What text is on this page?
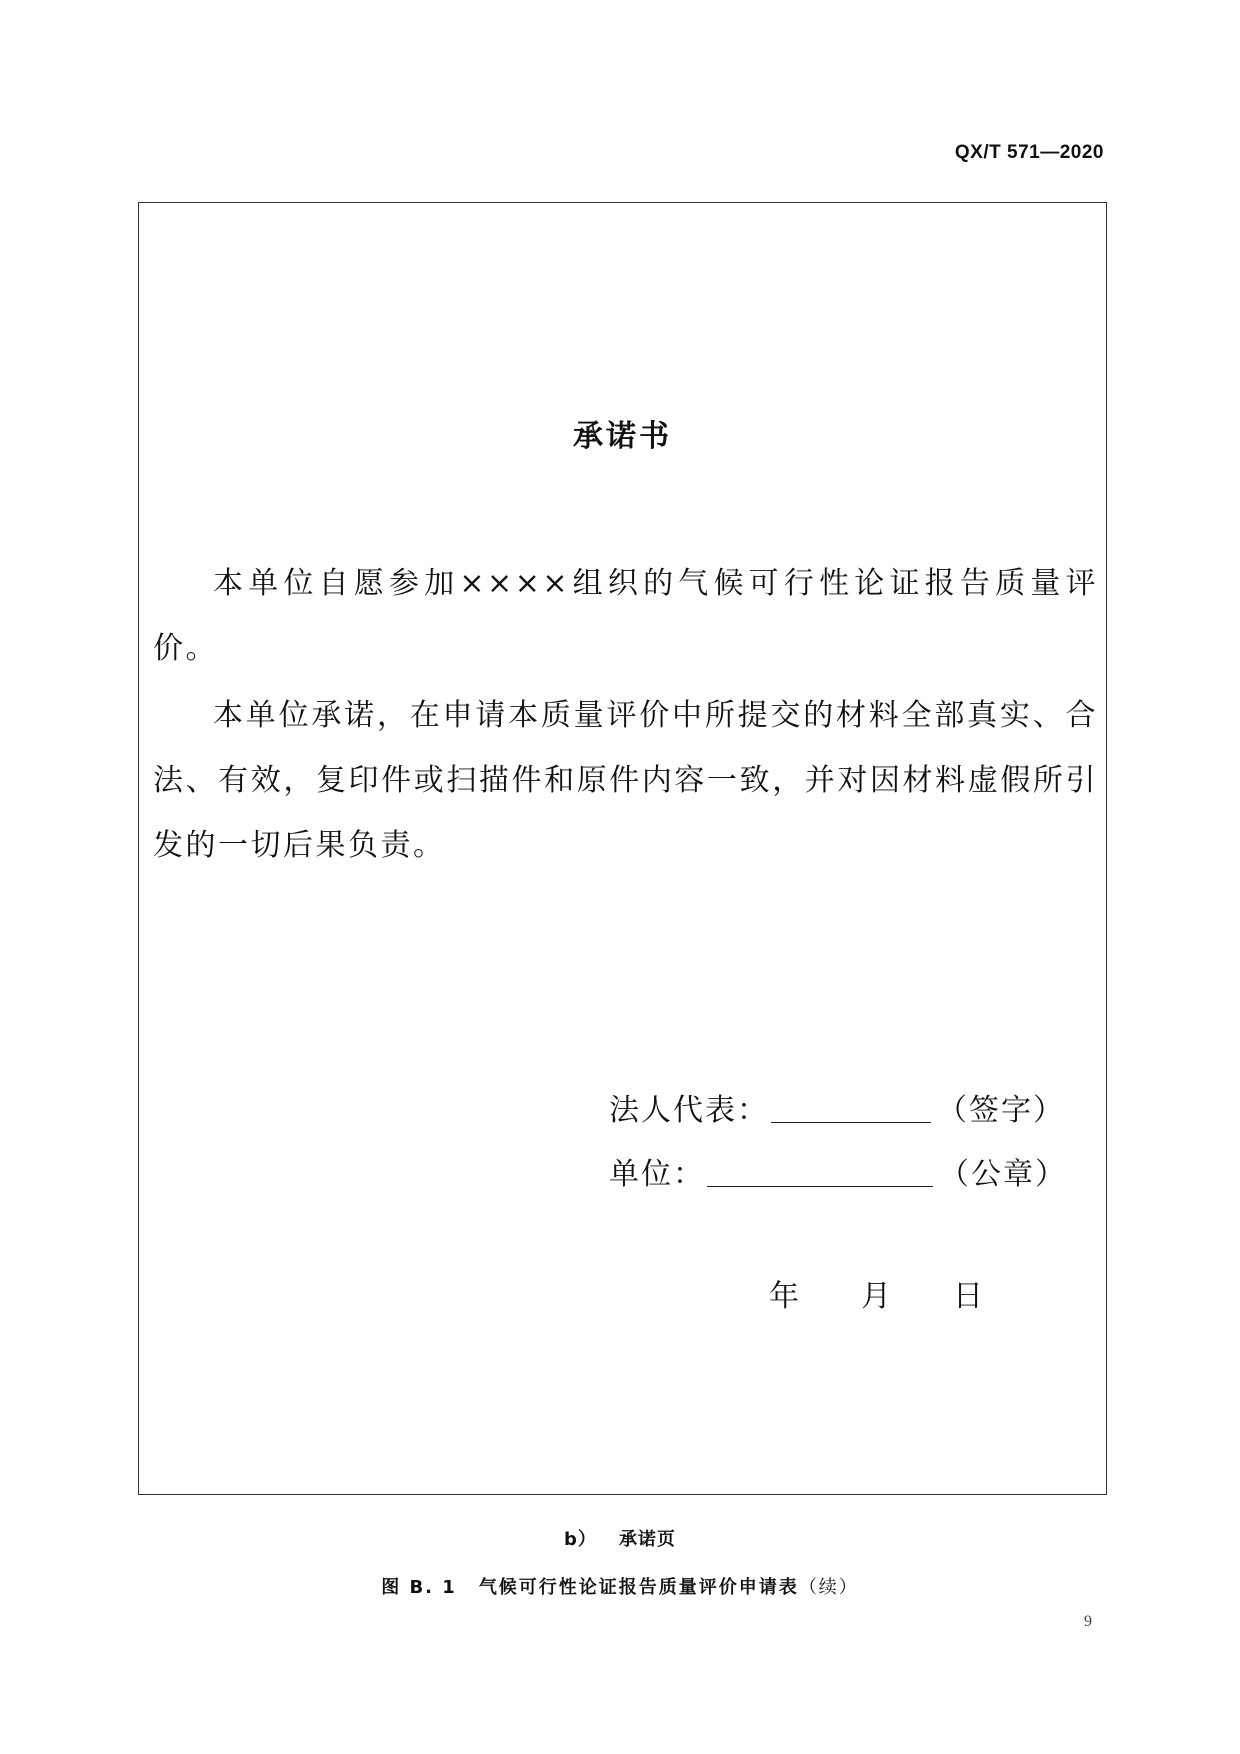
QX/T 571—2020
承诺书

本单位自愿参加××××组织的气候可行性论证报告质量评价。

本单位承诺，在申请本质量评价中所提交的材料全部真实、合法、有效，复印件或扫描件和原件内容一致，并对因材料虚假所引发的一切后果负责。

法人代表：	（签字）
单位：	（公章）
年 月 日
b） 承诺页
图 B. 1 气候可行性论证报告质量评价申请表（续）
9
